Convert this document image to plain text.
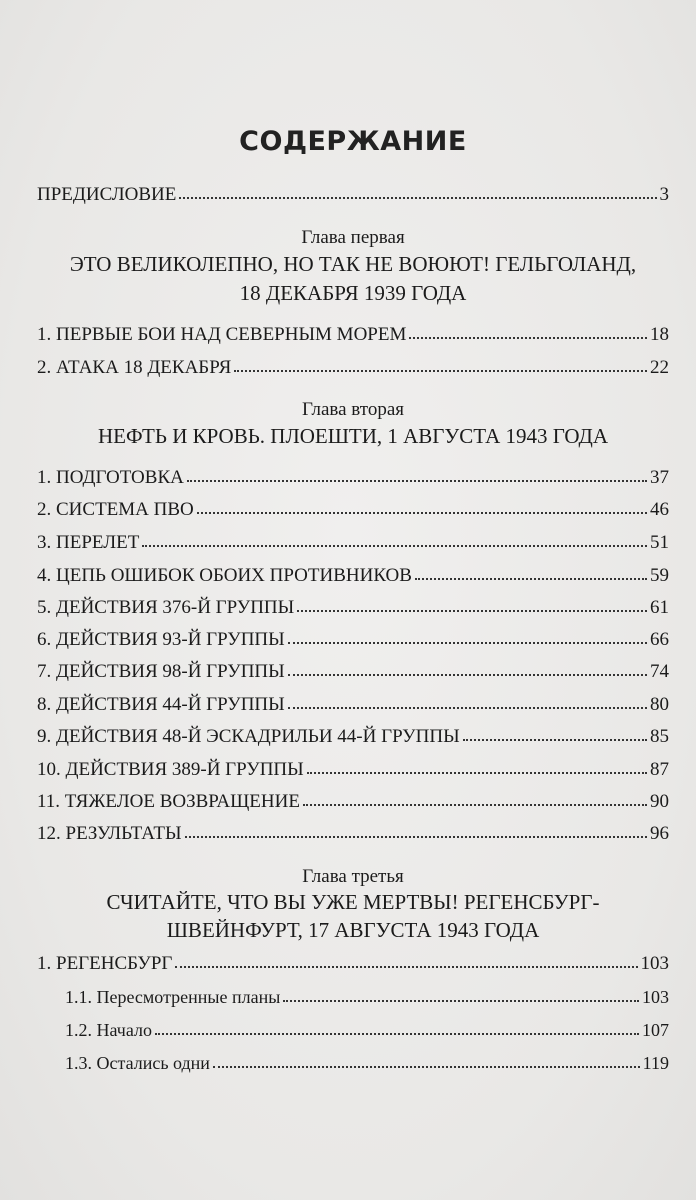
СОДЕРЖАНИЕ
ПРЕДИСЛОВИЕ	3
Глава первая
ЭТО ВЕЛИКОЛЕПНО, НО ТАК НЕ ВОЮЮТ! ГЕЛЬГОЛАНД,
18 ДЕКАБРЯ 1939 ГОДА
1. ПЕРВЫЕ БОИ НАД СЕВЕРНЫМ МОРЕМ	18
2. АТАКА 18 ДЕКАБРЯ	22
Глава вторая
НЕФТЬ И КРОВЬ. ПЛОЕШТИ, 1 АВГУСТА 1943 ГОДА
1. ПОДГОТОВКА	37
2. СИСТЕМА ПВО	46
3. ПЕРЕЛЕТ	51
4. ЦЕПЬ ОШИБОК ОБОИХ ПРОТИВНИКОВ	59
5. ДЕЙСТВИЯ 376-Й ГРУППЫ	61
6. ДЕЙСТВИЯ 93-Й ГРУППЫ	66
7. ДЕЙСТВИЯ 98-Й ГРУППЫ	74
8. ДЕЙСТВИЯ 44-Й ГРУППЫ	80
9. ДЕЙСТВИЯ 48-Й ЭСКАДРИЛЬИ 44-Й ГРУППЫ	85
10. ДЕЙСТВИЯ 389-Й ГРУППЫ	87
11. ТЯЖЕЛОЕ ВОЗВРАЩЕНИЕ	90
12. РЕЗУЛЬТАТЫ	96
Глава третья
СЧИТАЙТЕ, ЧТО ВЫ УЖЕ МЕРТВЫ! РЕГЕНСБУРГ-
ШВЕЙНФУРТ, 17 АВГУСТА 1943 ГОДА
1. РЕГЕНСБУРГ	103
1.1. Пересмотренные планы	103
1.2. Начало	107
1.3. Остались одни	119
